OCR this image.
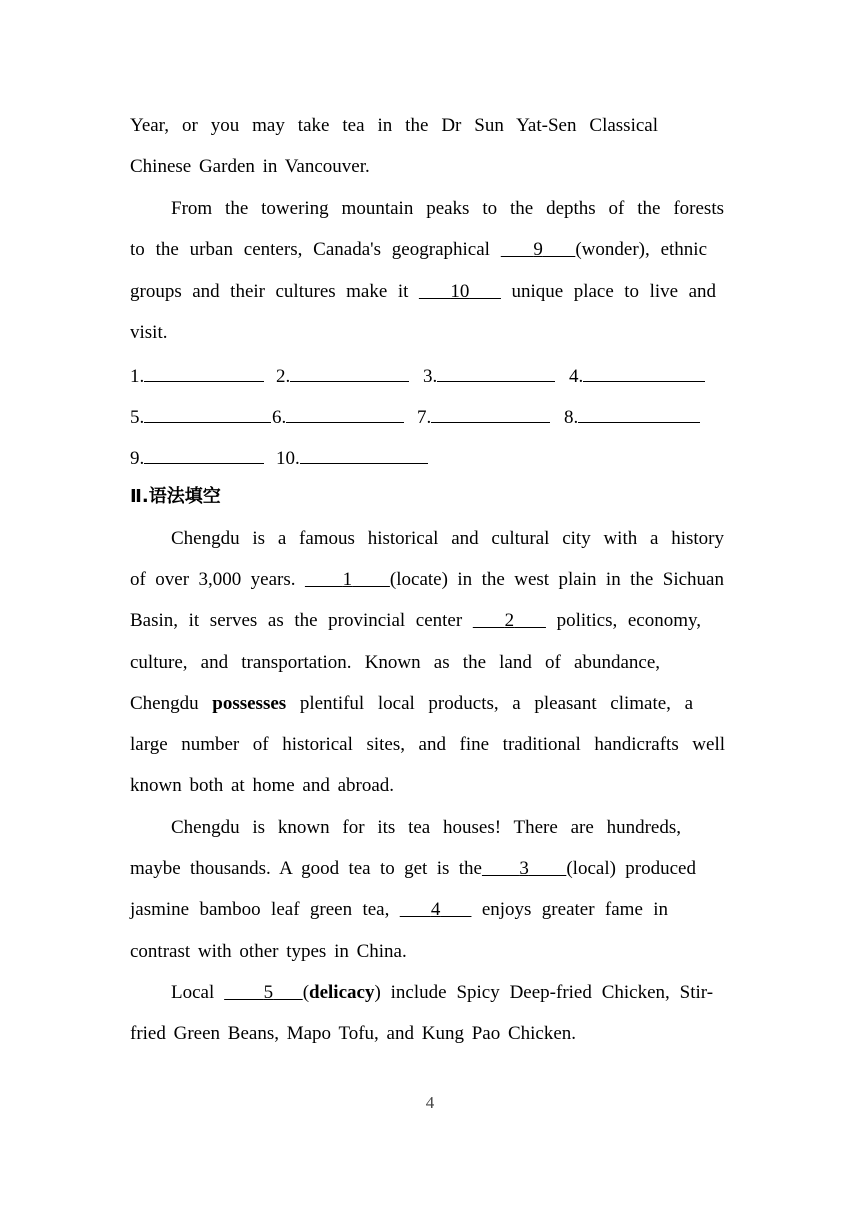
Year, or you may take tea in the Dr Sun Yat-Sen Classical
Chinese Garden in Vancouver.
From the towering mountain peaks to the depths of the forests
to the urban centers, Canada's geographical 9 (wonder), ethnic
groups and their cultures make it 10 unique place to live and
visit.
1.	2.	3.	4.
5.	6.	7.	8.
9.	10.
Ⅱ.语法填空
Chengdu is a famous historical and cultural city with a history
of over 3,000 years. 1 (locate) in the west plain in the Sichuan
Basin, it serves as the provincial center 2 politics, economy,
culture, and transportation. Known as the land of abundance,
Chengdu possesses plentiful local products, a pleasant climate, a
large number of historical sites, and fine traditional handicrafts well
known both at home and abroad.
Chengdu is known for its tea houses! There are hundreds,
maybe thousands. A good tea to get is the 3 (local) produced
jasmine bamboo leaf green tea, 4 enjoys greater fame in
contrast with other types in China.
Local	5 (delicacy) include Spicy Deep-fried Chicken, Stir-
fried Green Beans, Mapo Tofu, and Kung Pao Chicken.
4
